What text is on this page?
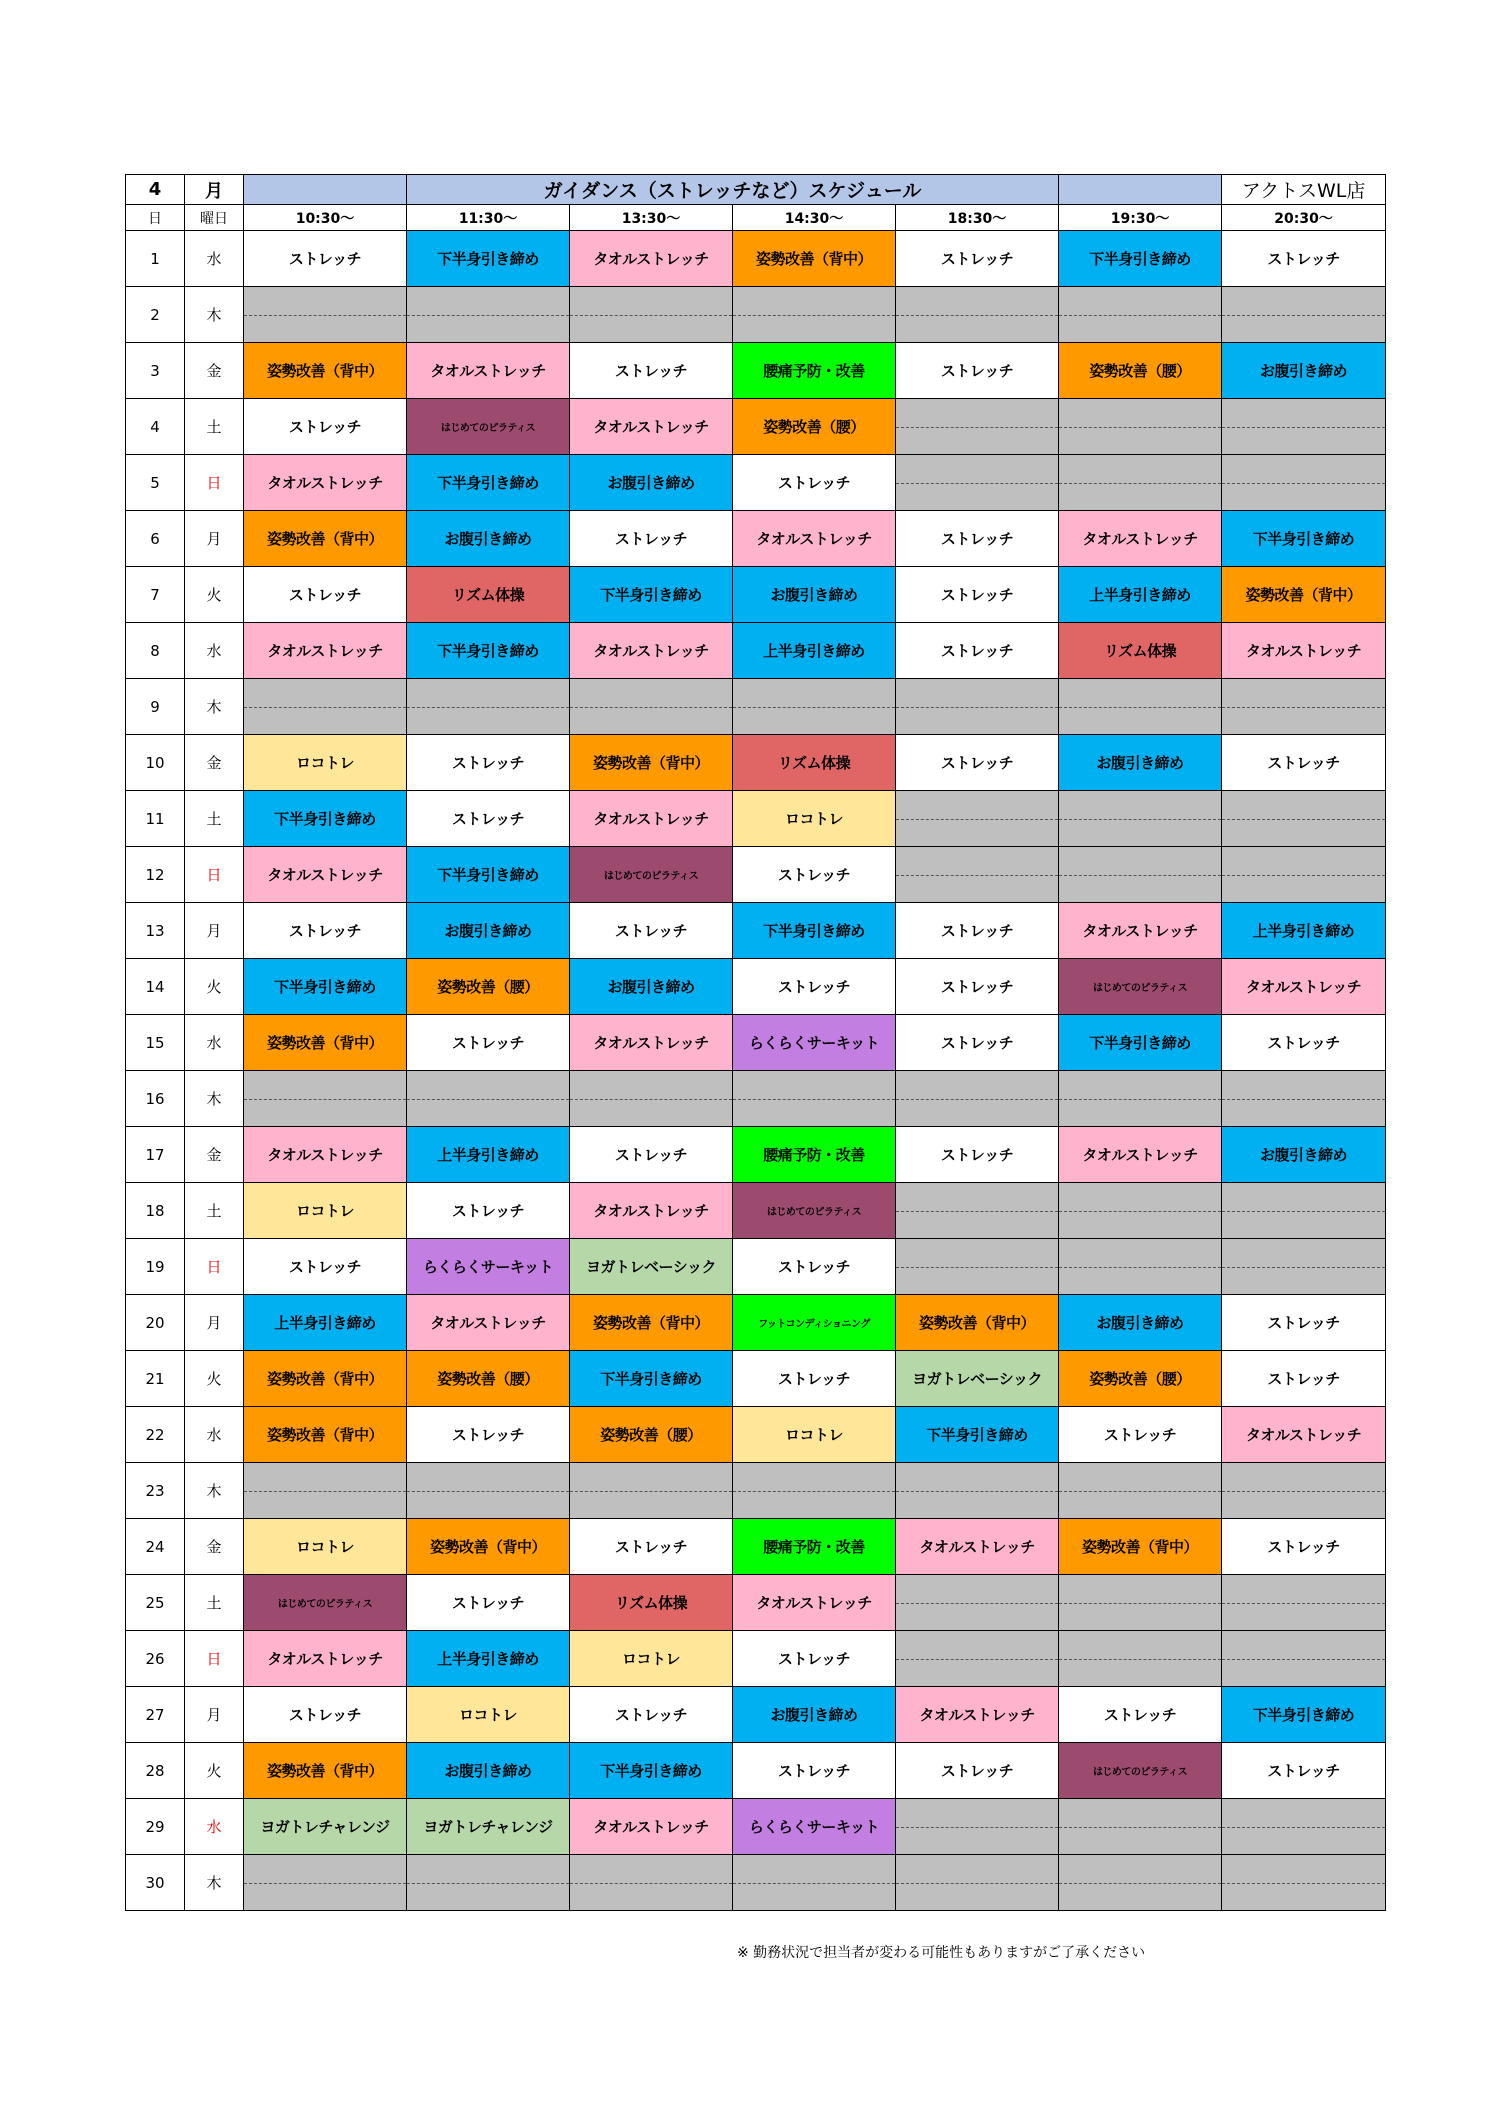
4	月		ガイダンス（ストレッチなど）スケジュール					アクトスWL店
日	曜日	10:30〜	11:30〜	13:30〜	14:30〜	18:30〜	19:30〜	20:30〜
1	水	ストレッチ	下半身引き締め	タオルストレッチ	姿勢改善（背中）	ストレッチ	下半身引き締め	ストレッチ
2	木							
3	金	姿勢改善（背中）	タオルストレッチ	ストレッチ	腰痛予防・改善	ストレッチ	姿勢改善（腰）	お腹引き締め
4	土	ストレッチ	はじめてのピラティス	タオルストレッチ	姿勢改善（腰）			
5	日	タオルストレッチ	下半身引き締め	お腹引き締め	ストレッチ			
6	月	姿勢改善（背中）	お腹引き締め	ストレッチ	タオルストレッチ	ストレッチ	タオルストレッチ	下半身引き締め
7	火	ストレッチ	リズム体操	下半身引き締め	お腹引き締め	ストレッチ	上半身引き締め	姿勢改善（背中）
8	水	タオルストレッチ	下半身引き締め	タオルストレッチ	上半身引き締め	ストレッチ	リズム体操	タオルストレッチ
9	木							
10	金	ロコトレ	ストレッチ	姿勢改善（背中）	リズム体操	ストレッチ	お腹引き締め	ストレッチ
11	土	下半身引き締め	ストレッチ	タオルストレッチ	ロコトレ			
12	日	タオルストレッチ	下半身引き締め	はじめてのピラティス	ストレッチ			
13	月	ストレッチ	お腹引き締め	ストレッチ	下半身引き締め	ストレッチ	タオルストレッチ	上半身引き締め
14	火	下半身引き締め	姿勢改善（腰）	お腹引き締め	ストレッチ	ストレッチ	はじめてのピラティス	タオルストレッチ
15	水	姿勢改善（背中）	ストレッチ	タオルストレッチ	らくらくサーキット	ストレッチ	下半身引き締め	ストレッチ
16	木							
17	金	タオルストレッチ	上半身引き締め	ストレッチ	腰痛予防・改善	ストレッチ	タオルストレッチ	お腹引き締め
18	土	ロコトレ	ストレッチ	タオルストレッチ	はじめてのピラティス			
19	日	ストレッチ	らくらくサーキット	ヨガトレベーシック	ストレッチ			
20	月	上半身引き締め	タオルストレッチ	姿勢改善（背中）	フットコンディショニング	姿勢改善（背中）	お腹引き締め	ストレッチ
21	火	姿勢改善（背中）	姿勢改善（腰）	下半身引き締め	ストレッチ	ヨガトレベーシック	姿勢改善（腰）	ストレッチ
22	水	姿勢改善（背中）	ストレッチ	姿勢改善（腰）	ロコトレ	下半身引き締め	ストレッチ	タオルストレッチ
23	木							
24	金	ロコトレ	姿勢改善（背中）	ストレッチ	腰痛予防・改善	タオルストレッチ	姿勢改善（背中）	ストレッチ
25	土	はじめてのピラティス	ストレッチ	リズム体操	タオルストレッチ			
26	日	タオルストレッチ	上半身引き締め	ロコトレ	ストレッチ			
27	月	ストレッチ	ロコトレ	ストレッチ	お腹引き締め	タオルストレッチ	ストレッチ	下半身引き締め
28	火	姿勢改善（背中）	お腹引き締め	下半身引き締め	ストレッチ	ストレッチ	はじめてのピラティス	ストレッチ
29	水	ヨガトレチャレンジ	ヨガトレチャレンジ	タオルストレッチ	らくらくサーキット			
30	木							
※ 勤務状況で担当者が変わる可能性もありますがご了承ください
